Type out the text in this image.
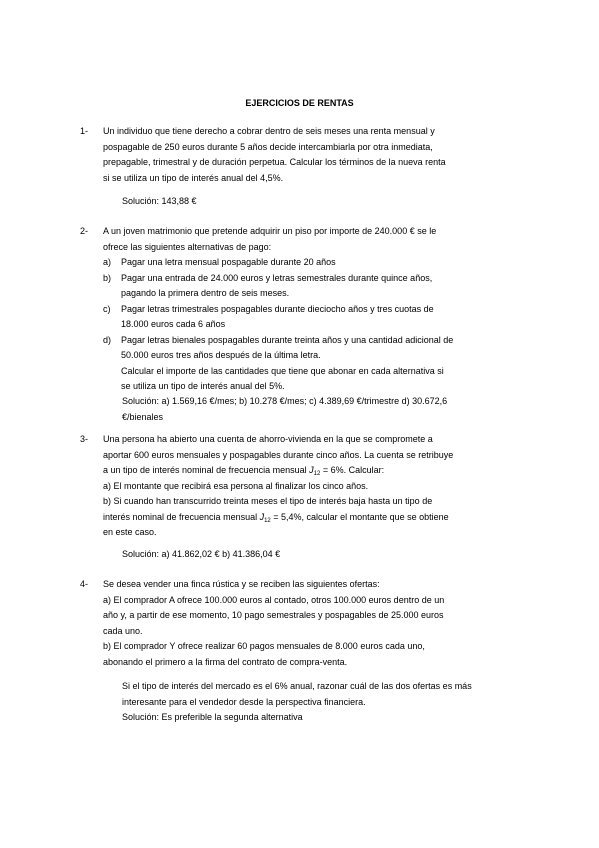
EJERCICIOS DE RENTAS
1- Un individuo que tiene derecho a cobrar dentro de seis meses una renta mensual y
pospagable de 250 euros durante 5 años decide intercambiarla por otra inmediata,
prepagable, trimestral y de duración perpetua. Calcular los términos de la nueva renta
si se utiliza un tipo de interés anual del 4,5%.
Solución: 143,88 €
2- A un joven matrimonio que pretende adquirir un piso por importe de 240.000 € se le
ofrece las siguientes alternativas de pago:
a) Pagar una letra mensual pospagable durante 20 años
b) Pagar una entrada de 24.000 euros y letras semestrales durante quince años,
pagando la primera dentro de seis meses.
c) Pagar letras trimestrales pospagables durante dieciocho años y tres cuotas de
18.000 euros cada 6 años
d) Pagar letras bienales pospagables durante treinta años y una cantidad adicional de
50.000 euros tres años después de la última letra.
Calcular el importe de las cantidades que tiene que abonar en cada alternativa si
se utiliza un tipo de interés anual del 5%.
Solución: a) 1.569,16 €/mes; b) 10.278 €/mes; c) 4.389,69 €/trimestre d) 30.672,6
€/bienales
3- Una persona ha abierto una cuenta de ahorro-vivienda en la que se compromete a
aportar 600 euros mensuales y pospagables durante cinco años. La cuenta se retribuye
a un tipo de interés nominal de frecuencia mensual $J_{12} = 6\%$. Calcular:
a) El montante que recibirá esa persona al finalizar los cinco años.
b) Si cuando han transcurrido treinta meses el tipo de interés baja hasta un tipo de
interés nominal de frecuencia mensual $J_{12} = 5,4\%$, calcular el montante que se obtiene
en este caso.
Solución: a) 41.862,02 € b) 41.386,04 €
4- Se desea vender una finca rústica y se reciben las siguientes ofertas:
a) El comprador A ofrece 100.000 euros al contado, otros 100.000 euros dentro de un
año y, a partir de ese momento, 10 pago semestrales y pospagables de 25.000 euros
cada uno.
b) El comprador Y ofrece realizar 60 pagos mensuales de 8.000 euros cada uno,
abonando el primero a la firma del contrato de compra-venta.
Si el tipo de interés del mercado es el 6% anual, razonar cuál de las dos ofertas es más
interesante para el vendedor desde la perspectiva financiera.
Solución: Es preferible la segunda alternativa
